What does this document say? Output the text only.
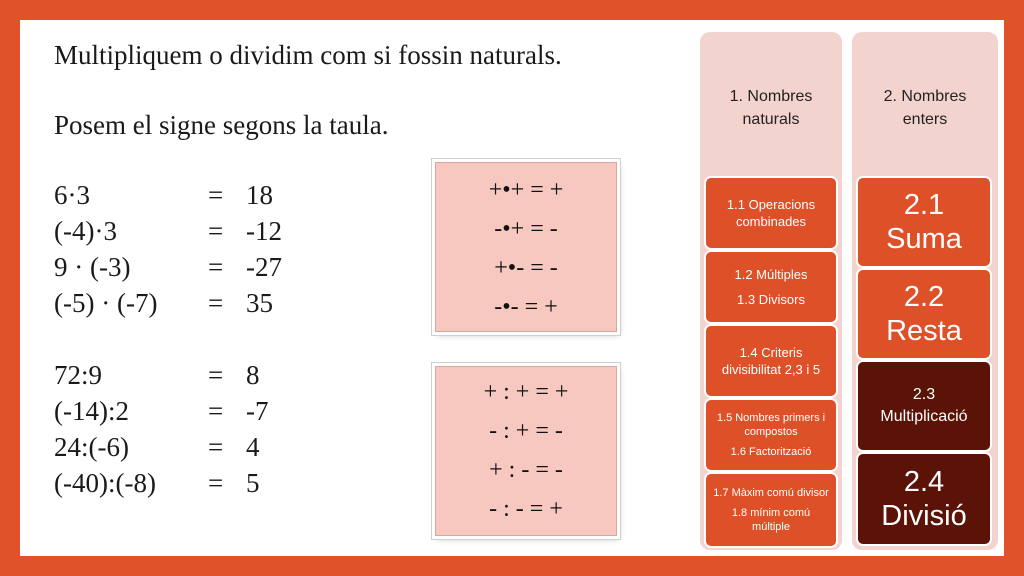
Multipliquem o dividim com si fossin naturals.
Posem el signe segons la taula.
6·3	= 18
(-4)·3	= -12
9 · (-3)	= -27
(-5) · (-7) = 35
72:9	= 8
(-14):2	= -7
24:(-6)	= 4
(-40):(-8) = 5
+•+ = +
-•+ = -
+•- = -
-•- = +
+ : + = +
- : + = -
+ : - = -
- : - = +
1. Nombres
naturals
1.1 Operacions
combinades
1.2 Múltiples
1.3 Divisors
1.4 Criteris
divisibilitat 2,3 i 5
1.5 Nombres primers i
compostos
1.6 Factorització
1.7 Màxim comú divisor
1.8 mínim comú
múltiple
2. Nombres
enters
2.1
Suma
2.2
Resta
2.3
Multiplicació
2.4
Divisió
